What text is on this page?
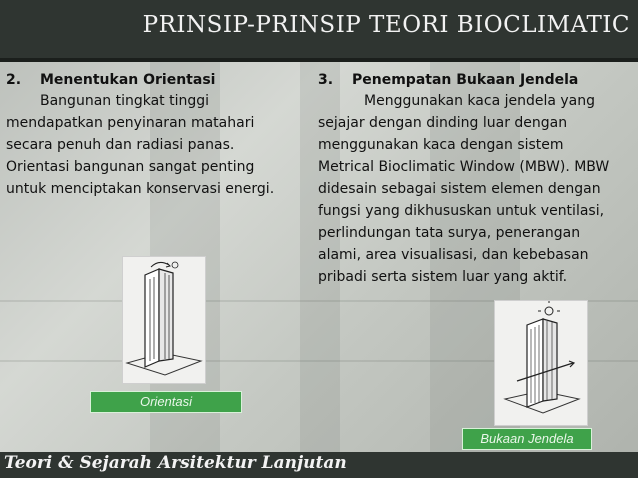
PRINSIP-PRINSIP TEORI BIOCLIMATIC
2. Menentukan Orientasi

Bangunan tingkat tinggi mendapatkan penyinaran matahari secara penuh dan radiasi panas. Orientasi bangunan sangat penting untuk menciptakan konservasi energi.

Orientasi
3. Penempatan Bukaan Jendela

Menggunakan kaca jendela yang sejajar dengan dinding luar dengan menggunakan kaca dengan sistem Metrical Bioclimatic Window (MBW). MBW didesain sebagai sistem elemen dengan fungsi yang dikhususkan untuk ventilasi, perlindungan tata surya, penerangan alami, area visualisasi, dan kebebasan pribadi serta sistem luar yang aktif.

Bukaan Jendela
Teori & Sejarah Arsitektur Lanjutan
